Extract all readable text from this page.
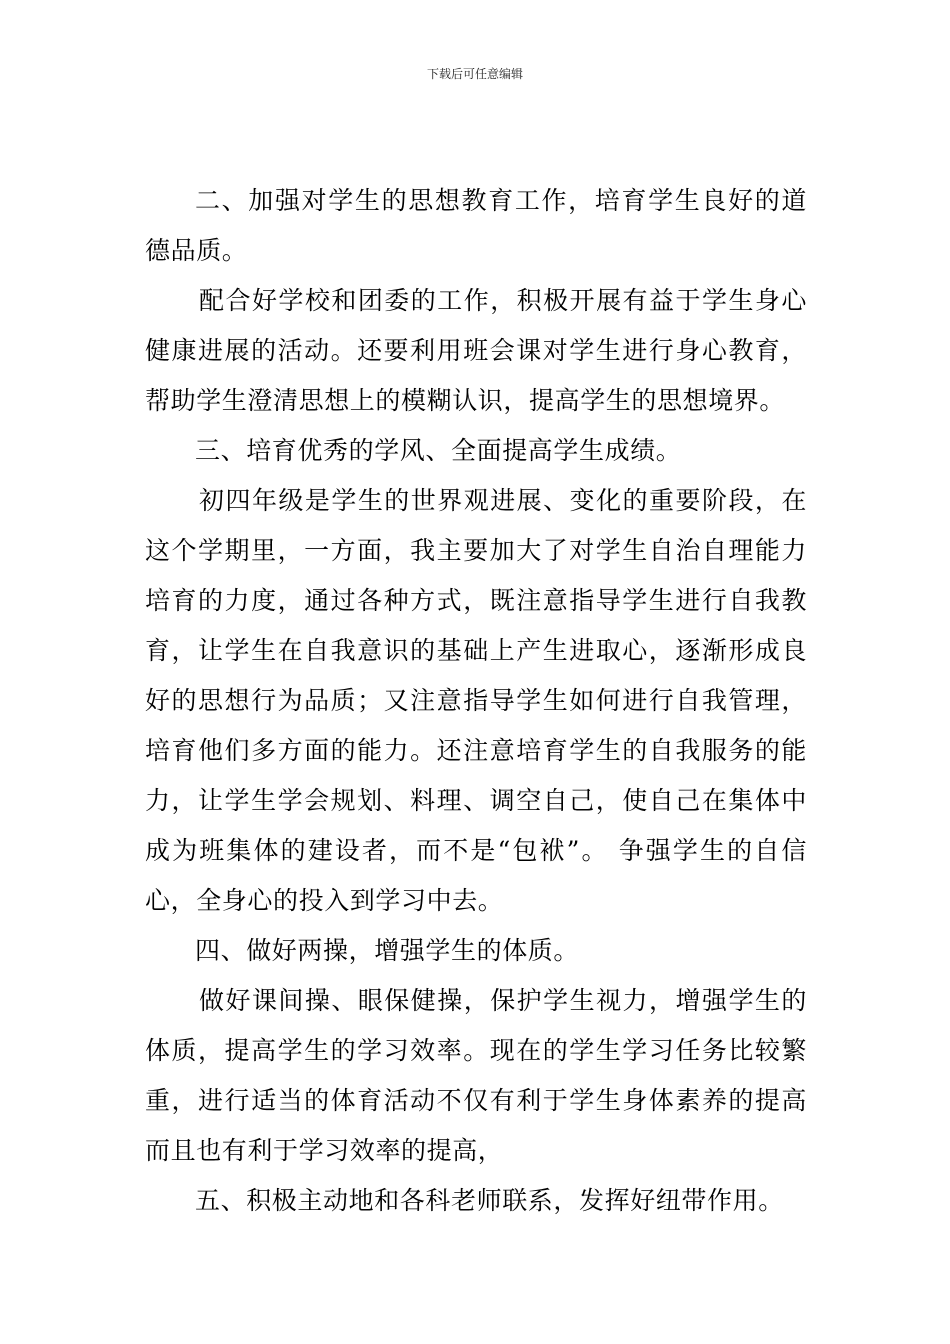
下载后可任意编辑

二、加强对学生的思想教育工作，培育学生良好的道德品质。

配合好学校和团委的工作，积极开展有益于学生身心健康进展的活动。还要利用班会课对学生进行身心教育，帮助学生澄清思想上的模糊认识，提高学生的思想境界。

三、培育优秀的学风、全面提高学生成绩。

初四年级是学生的世界观进展、变化的重要阶段，在这个学期里，一方面，我主要加大了对学生自治自理能力培育的力度，通过各种方式，既注意指导学生进行自我教育，让学生在自我意识的基础上产生进取心，逐渐形成良好的思想行为品质；又注意指导学生如何进行自我管理，培育他们多方面的能力。还注意培育学生的自我服务的能力，让学生学会规划、料理、调空自己，使自己在集体中成为班集体的建设者，而不是“包袱”。 争强学生的自信心，全身心的投入到学习中去。

四、做好两操，增强学生的体质。

做好课间操、眼保健操，保护学生视力，增强学生的体质，提高学生的学习效率。现在的学生学习任务比较繁重，进行适当的体育活动不仅有利于学生身体素养的提高而且也有利于学习效率的提高，

五、积极主动地和各科老师联系，发挥好纽带作用。
